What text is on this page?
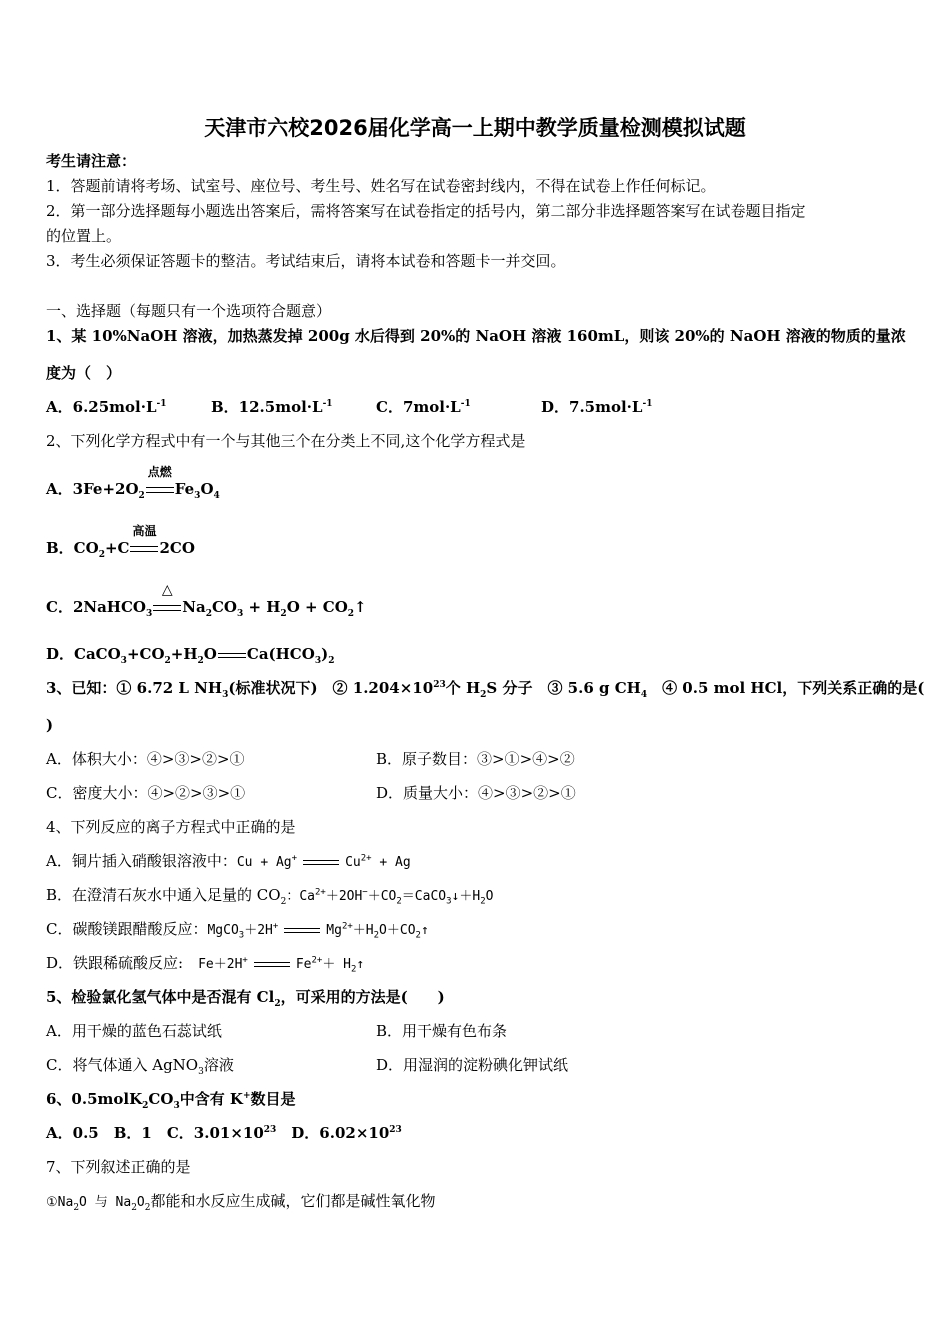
天津市六校2026届化学高一上期中教学质量检测模拟试题
考生请注意：
1．答题前请将考场、试室号、座位号、考生号、姓名写在试卷密封线内，不得在试卷上作任何标记。
2．第一部分选择题每小题选出答案后，需将答案写在试卷指定的括号内，第二部分非选择题答案写在试卷题目指定
的位置上。
3．考生必须保证答题卡的整洁。考试结束后，请将本试卷和答题卡一并交回。
一、选择题（每题只有一个选项符合题意）
1、某 10%NaOH 溶液，加热蒸发掉 200g 水后得到 20%的 NaOH 溶液 160mL，则该 20%的 NaOH 溶液的物质的量浓
度为（　）
A．$6.25mol\cdot L^{-1}$	B．$12.5mol\cdot L^{-1}$	C．$7mol\cdot L^{-1}$	D．$7.5mol\cdot L^{-1}$
2、下列化学方程式中有一个与其他三个在分类上不同,这个化学方程式是
A．$3Fe+2O_2$
点燃
$Fe_3O_4$
B．$CO_2+C$
高温
2CO
C．2NaHCO$_3$
△
$Na_2CO_3 + H_2O$ + $CO_2↑$
D．$CaCO_3+CO_2+H_2O$ $Ca(HCO_3)_2$
3、已知：① 6.72 L $NH_3$(标准状况下)　② $1.204\times 10^{23}$个 $H_2S$ 分子　③ 5.6 g $CH_4$　④ 0.5 mol HCl，下列关系正确的是(
)
A．体积大小：④>③>②>①	B．原子数目：③>①>④>②
C．密度大小：④>②>③>①	D．质量大小：④>③>②>①
4、下列反应的离子方程式中正确的是
A．铜片插入硝酸银溶液中：Cu + Ag+	$Cu^{2+} + Ag$
B．在澄清石灰水中通入足量的 $CO_2$：$Ca^{2+}+2OH^-+CO_2=CaCO_3↓+H_2O$
C．碳酸镁跟醋酸反应：MgCO$_3$＋2H+	$Mg^{2+}+H_2O+CO_2↑$
D．铁跟稀硫酸反应:　Fe＋2H+	$Fe^{2+}+$ $H_2↑$
5、检验氯化氢气体中是否混有 $Cl_2$，可采用的方法是(　　)
A．用干燥的蓝色石蕊试纸	B．用干燥有色布条
C．将气体通入 AgNO$_3$溶液	D．用湿润的淀粉碘化钾试纸
6、$0.5molK_2CO_3$中含有 K+数目是
A．0.5　B．1　C．$3.01\times 10^{23}$　D．$6.02\times 10^{23}$
7、下列叙述正确的是
$①Na_2O$ 与 $Na_2O_2$都能和水反应生成碱，它们都是碱性氧化物
